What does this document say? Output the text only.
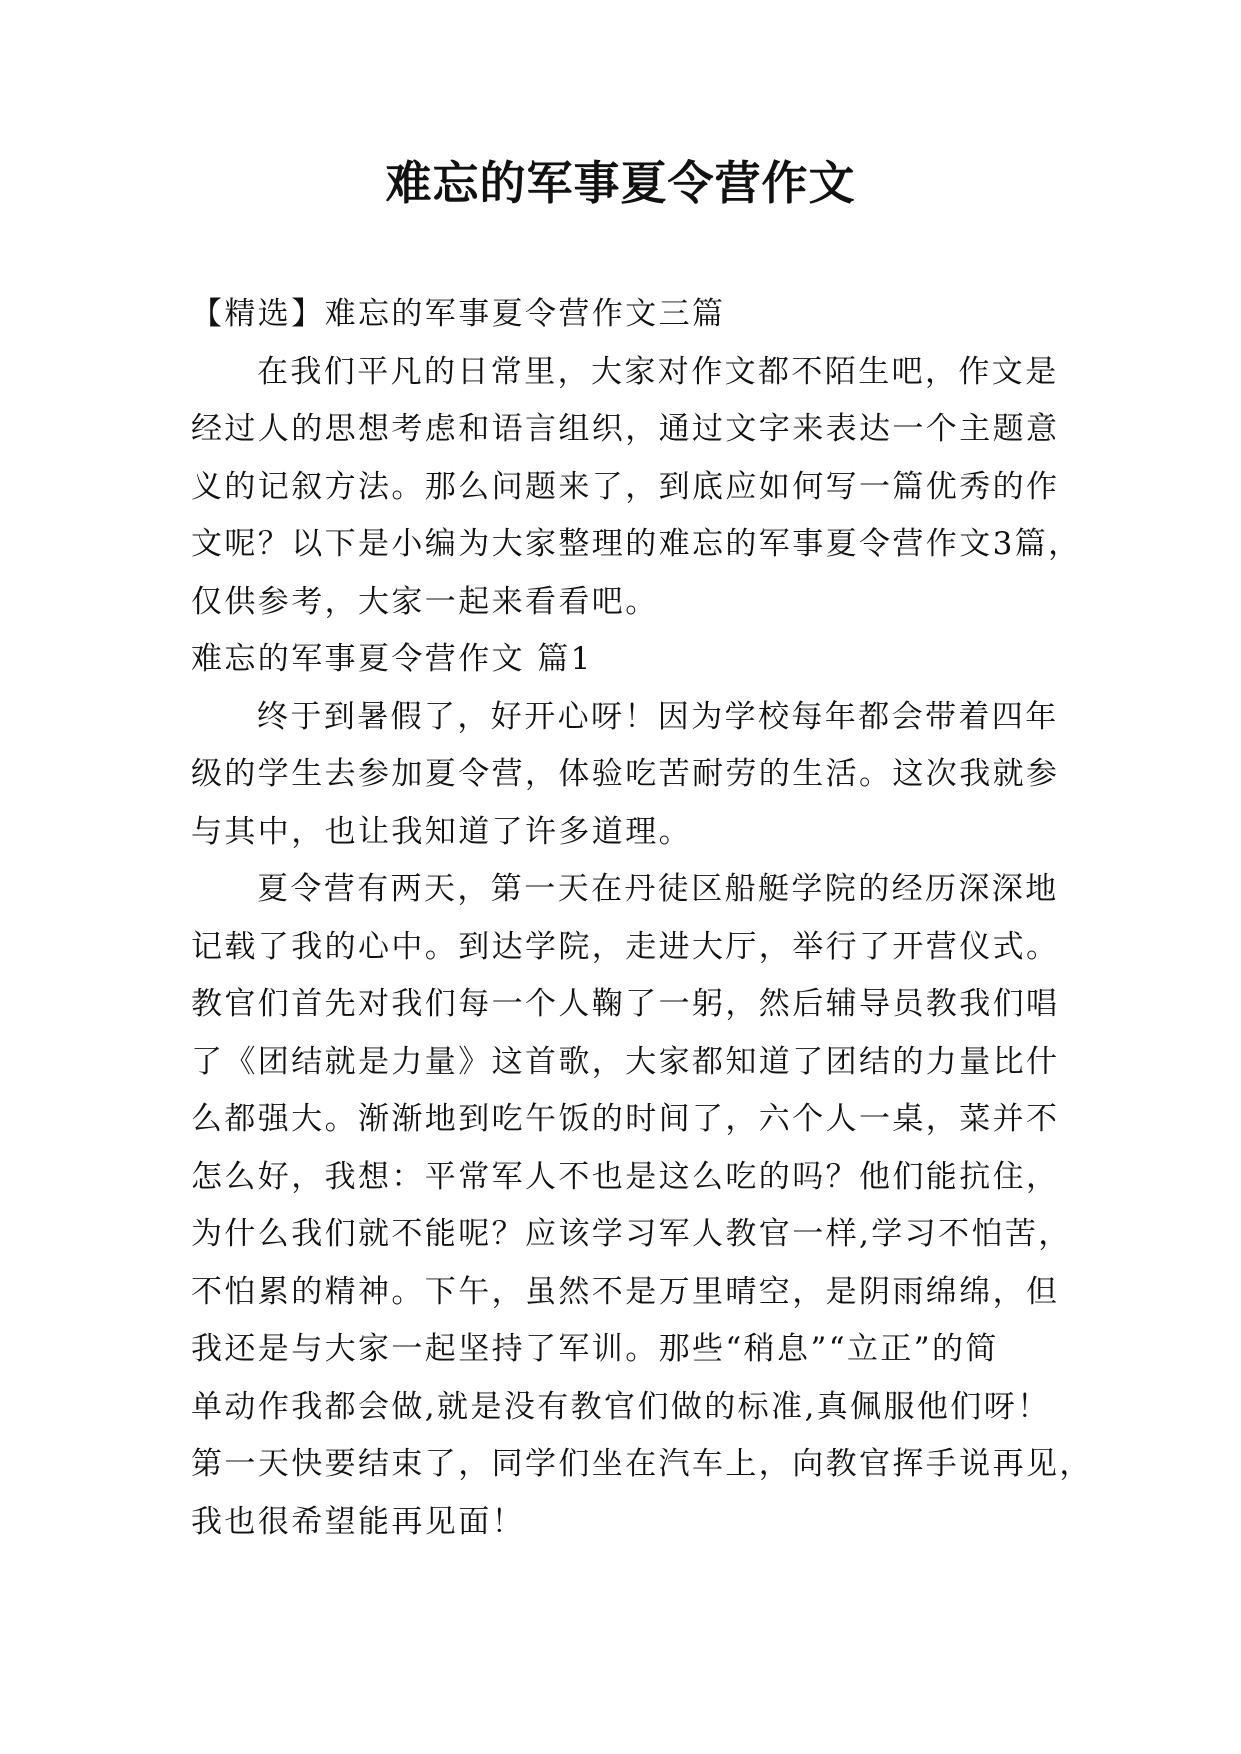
难忘的军事夏令营作文
【精选】难忘的军事夏令营作文三篇
在我们平凡的日常里，大家对作文都不陌生吧，作文是
经过人的思想考虑和语言组织，通过文字来表达一个主题意
义的记叙方法。那么问题来了，到底应如何写一篇优秀的作
文呢？以下是小编为大家整理的难忘的军事夏令营作文3篇，
仅供参考，大家一起来看看吧。
难忘的军事夏令营作文 篇1
终于到暑假了，好开心呀！因为学校每年都会带着四年
级的学生去参加夏令营，体验吃苦耐劳的生活。这次我就参
与其中，也让我知道了许多道理。
夏令营有两天，第一天在丹徒区船艇学院的经历深深地
记载了我的心中。到达学院，走进大厅，举行了开营仪式。
教官们首先对我们每一个人鞠了一躬，然后辅导员教我们唱
了《团结就是力量》这首歌，大家都知道了团结的力量比什
么都强大。渐渐地到吃午饭的时间了，六个人一桌，菜并不
怎么好，我想：平常军人不也是这么吃的吗？他们能抗住，
为什么我们就不能呢？应该学习军人教官一样,学习不怕苦，
不怕累的精神。下午，虽然不是万里晴空，是阴雨绵绵，但
我还是与大家一起坚持了军训。那些“稍息”“立正”的简
单动作我都会做,就是没有教官们做的标准,真佩服他们呀！
第一天快要结束了，同学们坐在汽车上，向教官挥手说再见，
我也很希望能再见面！
